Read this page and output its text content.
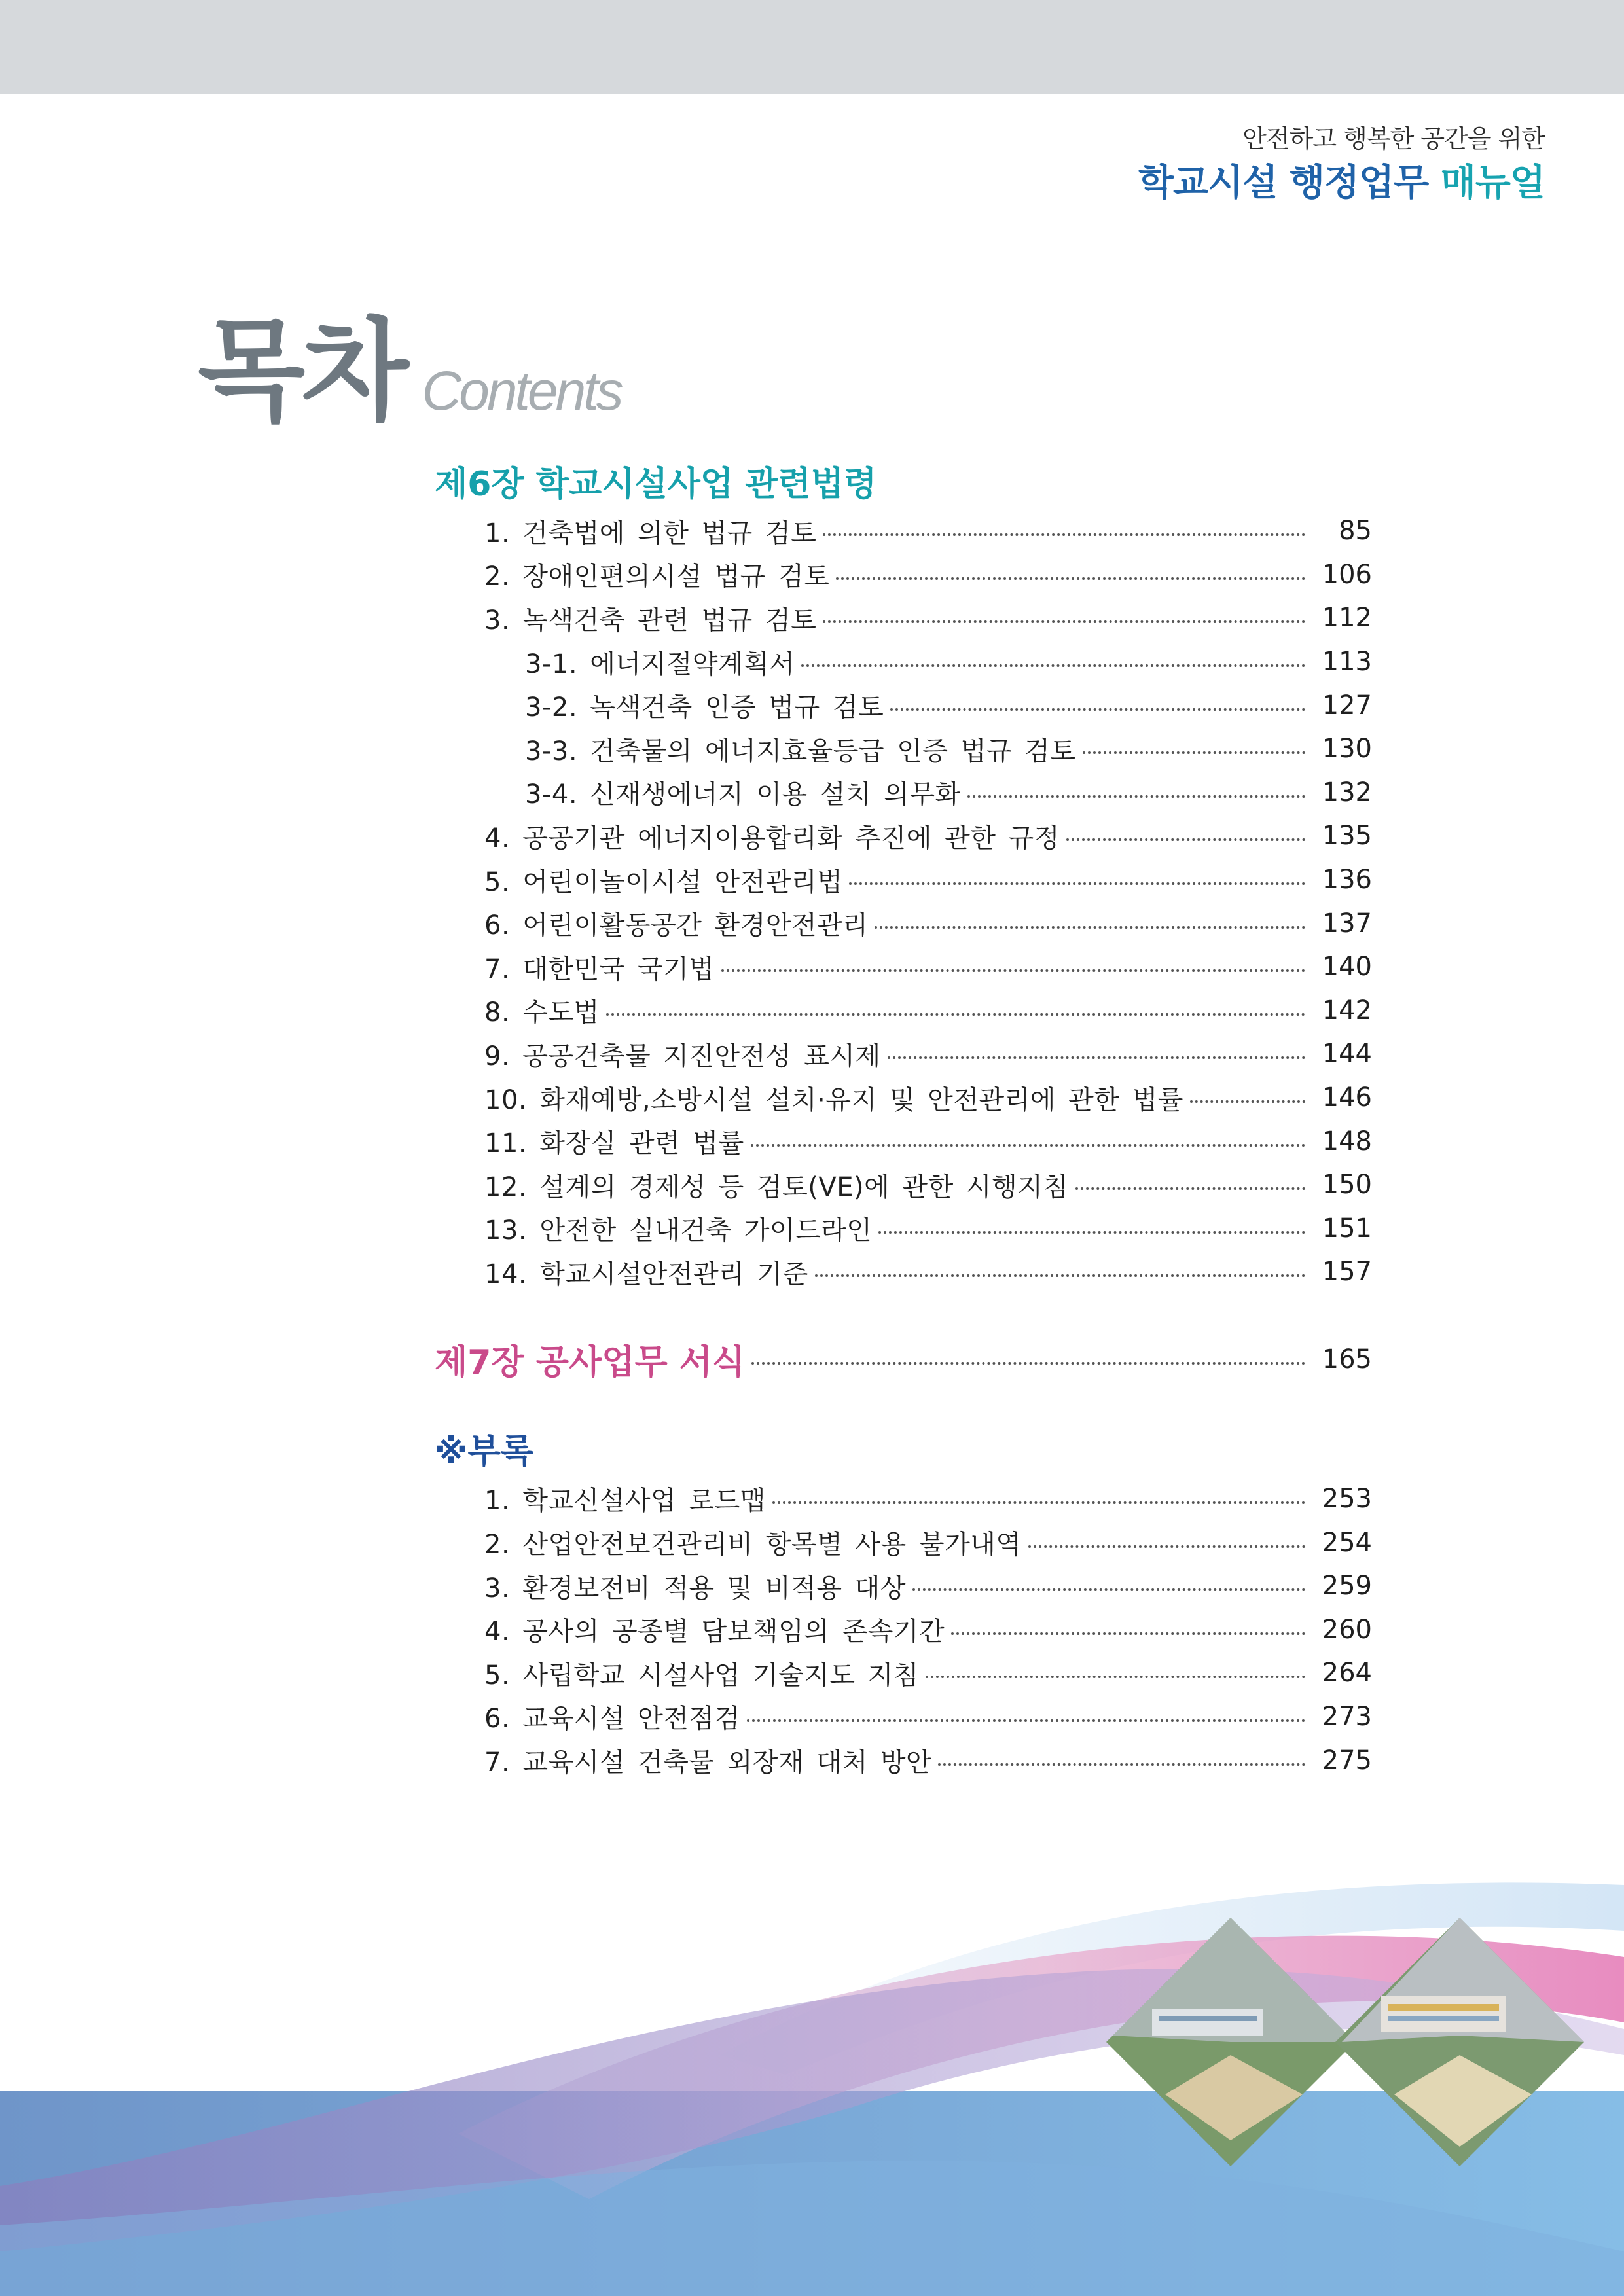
안전하고 행복한 공간을 위한
학교시설 행정업무 매뉴얼
목차 Contents
제6장 학교시설사업 관련법령
1. 건축법에 의한 법규 검토	85
2. 장애인편의시설 법규 검토	106
3. 녹색건축 관련 법규 검토	112
3-1. 에너지절약계획서	113
3-2. 녹색건축 인증 법규 검토	127
3-3. 건축물의 에너지효율등급 인증 법규 검토	130
3-4. 신재생에너지 이용 설치 의무화	132
4. 공공기관 에너지이용합리화 추진에 관한 규정	135
5. 어린이놀이시설 안전관리법	136
6. 어린이활동공간 환경안전관리	137
7. 대한민국 국기법	140
8. 수도법	142
9. 공공건축물 지진안전성 표시제	144
10. 화재예방,소방시설 설치·유지 및 안전관리에 관한 법률	146
11. 화장실 관련 법률	148
12. 설계의 경제성 등 검토(VE)에 관한 시행지침	150
13. 안전한 실내건축 가이드라인	151
14. 학교시설안전관리 기준	157
제7장 공사업무 서식	165
※부록
1. 학교신설사업 로드맵	253
2. 산업안전보건관리비 항목별 사용 불가내역	254
3. 환경보전비 적용 및 비적용 대상	259
4. 공사의 공종별 담보책임의 존속기간	260
5. 사립학교 시설사업 기술지도 지침	264
6. 교육시설 안전점검	273
7. 교육시설 건축물 외장재 대처 방안	275
